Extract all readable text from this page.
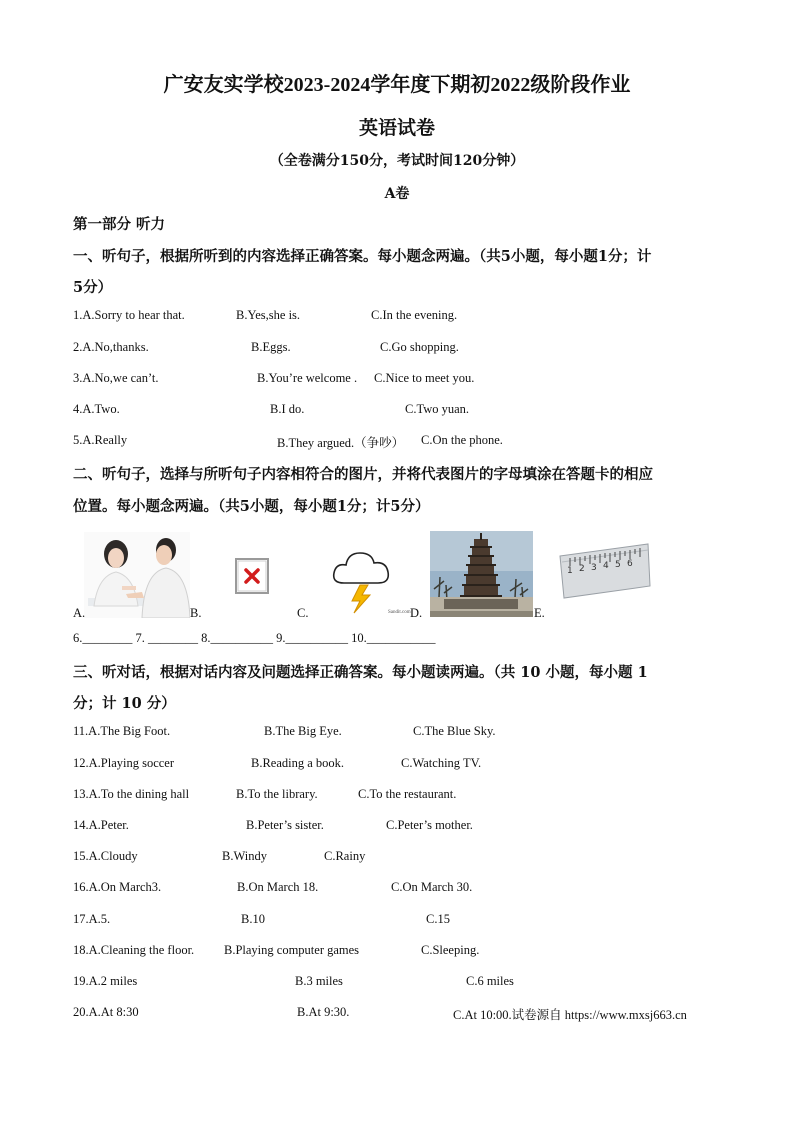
广安友实学校2023-2024学年度下期初2022级阶段作业
英语试卷
（全卷满分150分，考试时间120分钟）
A卷
第一部分 听力
一、听句子，根据所听到的内容选择正确答案。每小题念两遍。（共5小题，每小题1分；计
5分）
1.A.Sorry to hear that.	B.Yes,she is.	C.In the evening.
2.A.No,thanks.	B.Eggs.	C.Go shopping.
3.A.No,we can’t.	B.You’re welcome . C.Nice to meet you.
4.A.Two.	B.I do.	C.Two yuan.
5.A.Really	B.They argued.（争吵） C.On the phone.
二、听句子，选择与所听句子内容相符合的图片，并将代表图片的字母填涂在答题卡的相应
位置。每小题念两遍。（共5小题，每小题1分；计5分）
A.	B.	Sandit.com
C.	D.	E.
1 2 3 4 5 6
6.________ 7. ________ 8.__________ 9.__________ 10.___________
三、听对话，根据对话内容及问题选择正确答案。每小题读两遍。（共 10 小题，每小题 1
分；计 10 分）
11.A.The Big Foot.	B.The Big Eye.	C.The Blue Sky.
12.A.Playing soccer	B.Reading a book.	C.Watching TV.
13.A.To the dining hall	B.To the library.	C.To the restaurant.
14.A.Peter.	B.Peter’s sister.	C.Peter’s mother.
15.A.Cloudy	B.Windy	C.Rainy
16.A.On March3.	B.On March 18.	C.On March 30.
17.A.5.	B.10	C.15
18.A.Cleaning the floor. B.Playing computer games	C.Sleeping.
19.A.2 miles	B.3 miles	C.6 miles
20.A.At 8:30	B.At 9:30.	C.At 10:00.试卷源自 https://www.mxsj663.cn
